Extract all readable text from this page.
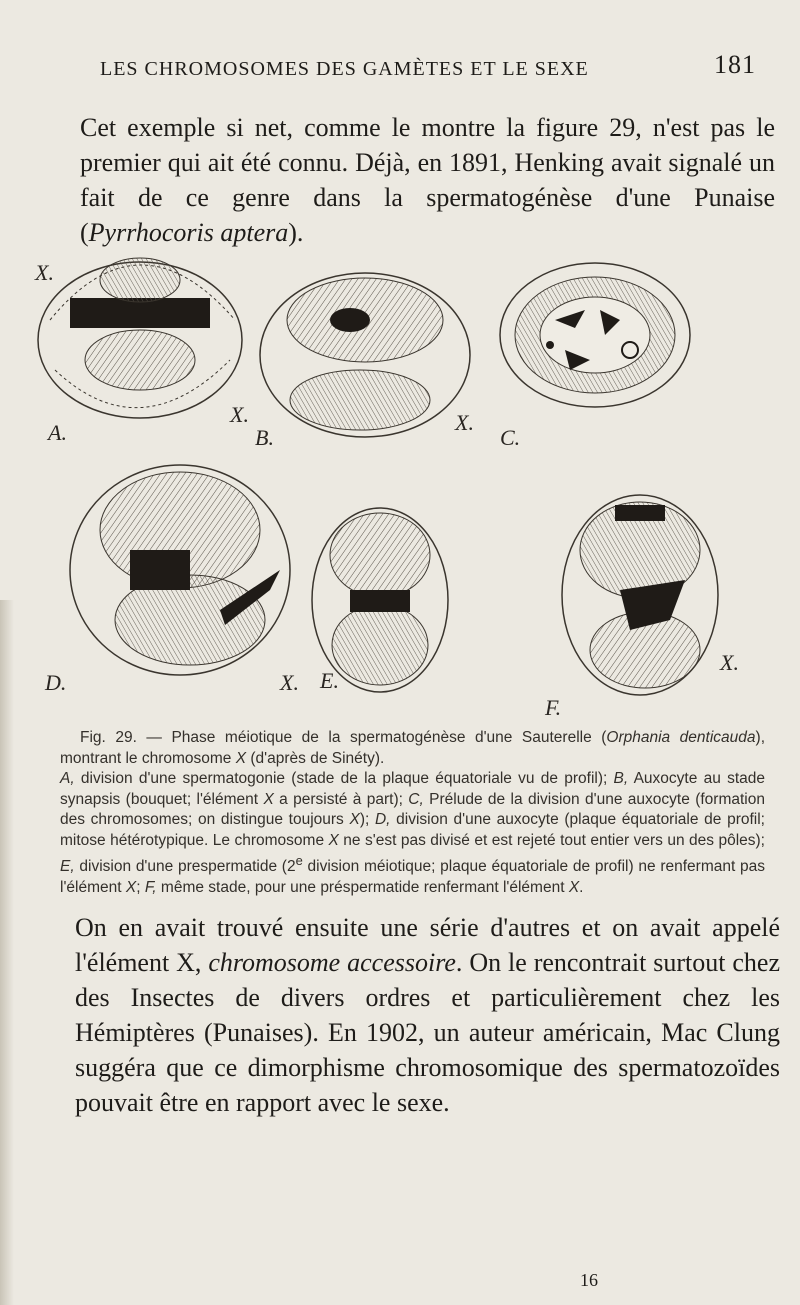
LES CHROMOSOMES DES GAMÈTES ET LE SEXE	181

Cet exemple si net, comme le montre la figure 29, n'est pas le premier qui ait été connu. Déjà, en 1891, Henking avait signalé un fait de ce genre dans la spermatogénèse d'une Punaise (Pyrrhocoris aptera).

X.
A.
X.
B.
X.
C.
D.	X. E.
X.
F.

Fig. 29. — Phase méiotique de la spermatogénèse d'une Sauterelle (Orphania denticauda), montrant le chromosome X (d'après de Sinéty).

A, division d'une spermatogonie (stade de la plaque équatoriale vu de profil); B, Auxocyte au stade synapsis (bouquet; l'élément X a persisté à part); C, Prélude de la division d'une auxocyte (formation des chromosomes; on distingue toujours X); D, division d'une auxocyte (plaque équatoriale de profil; mitose hétérotypique. Le chromosome X ne s'est pas divisé et est rejeté tout entier vers un des pôles); E, division d'une prespermatide (2e division méiotique; plaque équatoriale de profil) ne renfermant pas l'élément X; F, même stade, pour une préspermatide renfermant l'élément X.

On en avait trouvé ensuite une série d'autres et on avait appelé l'élément X, chromosome accessoire. On le rencontrait surtout chez des Insectes de divers ordres et particulièrement chez les Hémiptères (Punaises). En 1902, un auteur américain, Mac Clung suggéra que ce dimorphisme chromosomique des spermatozoïdes pouvait être en rapport avec le sexe.

16
